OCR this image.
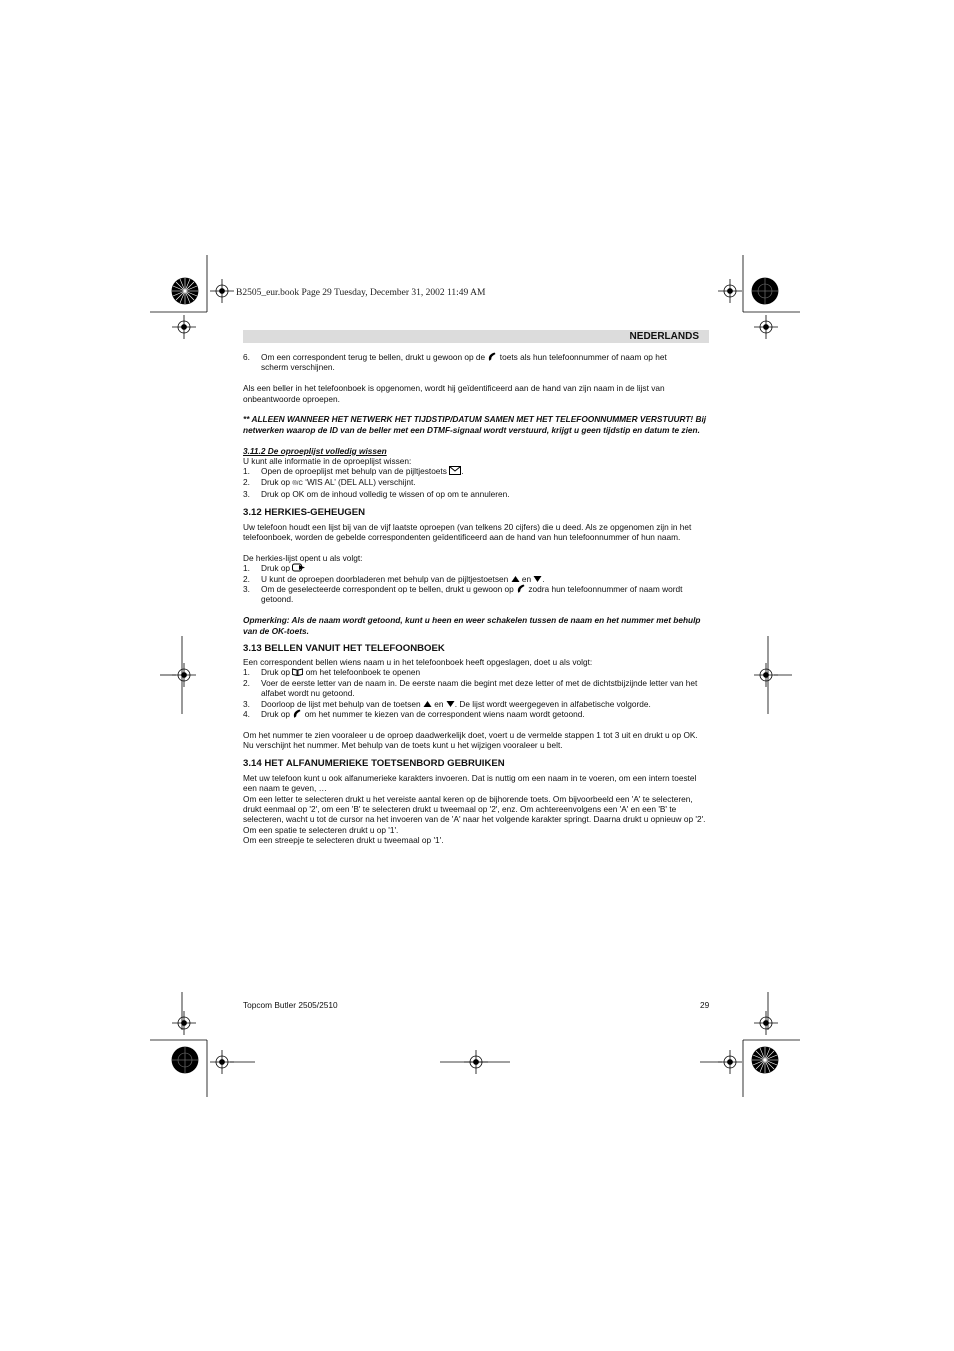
B2505_eur.book Page 29 Tuesday, December 31, 2002 11:49 AM
NEDERLANDS
6. Om een correspondent terug te bellen, drukt u gewoon op de toets als hun telefoonnummer of naam op het
scherm verschijnen.

Als een beller in het telefoonboek is opgenomen, wordt hij geïdentificeerd aan de hand van zijn naam in de lijst van onbeantwoorde oproepen.

** ALLEEN WANNEER HET NETWERK HET TIJDSTIP/DATUM SAMEN MET HET TELEFOONNUMMER VERSTUURT! Bij netwerken waarop de ID van de beller met een DTMF-signaal wordt verstuurd, krijgt u geen tijdstip en datum te zien.

3.11.2 De oproeplijst volledig wissen

U kunt alle informatie in de oproeplijst wissen:

1. Open de oproeplijst met behulp van de pijltjestoets .
2. Druk op ®/C ‘WIS AL’ (DEL ALL) verschijnt.
3. Druk op OK om de inhoud volledig te wissen of op om te annuleren.
3.12 HERKIES-GEHEUGEN

Uw telefoon houdt een lijst bij van de vijf laatste oproepen (van telkens 20 cijfers) die u deed. Als ze opgenomen zijn in het telefoonboek, worden de gebelde correspondenten geïdentificeerd aan de hand van hun telefoonnummer of hun naam.

De herkies-lijst opent u als volgt:

1. Druk op
2. U kunt de oproepen doorbladeren met behulp van de pijltjestoetsen en .
3. Om de geselecteerde correspondent op te bellen, drukt u gewoon op zodra hun telefoonnummer of naam wordt
getoond.

Opmerking: Als de naam wordt getoond, kunt u heen en weer schakelen tussen de naam en het nummer met behulp van de OK-toets.

3.13 BELLEN VANUIT HET TELEFOONBOEK

Een correspondent bellen wiens naam u in het telefoonboek heeft opgeslagen, doet u als volgt:

1. Druk op om het telefoonboek te openen
2. Voer de eerste letter van de naam in. De eerste naam die begint met deze letter of met de dichtstbijzijnde letter van het alfabet wordt nu getoond.
3. Doorloop de lijst met behulp van de toetsen en . De lijst wordt weergegeven in alfabetische volgorde.
4. Druk op om het nummer te kiezen van de correspondent wiens naam wordt getoond.

Om het nummer te zien vooraleer u de oproep daadwerkelijk doet, voert u de vermelde stappen 1 tot 3 uit en drukt u op OK. Nu verschijnt het nummer. Met behulp van de toets kunt u het wijzigen vooraleer u belt.

3.14 HET ALFANUMERIEKE TOETSENBORD GEBRUIKEN

Met uw telefoon kunt u ook alfanumerieke karakters invoeren. Dat is nuttig om een naam in te voeren, om een intern toestel een naam te geven, …

Om een letter te selecteren drukt u het vereiste aantal keren op de bijhorende toets. Om bijvoorbeeld een 'A' te selecteren, drukt eenmaal op '2', om een 'B' te selecteren drukt u tweemaal op '2', enz. Om achtereenvolgens een 'A' en een 'B' te selecteren, wacht u tot de cursor na het invoeren van de 'A' naar het volgende karakter springt. Daarna drukt u opnieuw op '2'.

Om een spatie te selecteren drukt u op '1'.

Om een streepje te selecteren drukt u tweemaal op '1'.

Topcom Butler 2505/2510	29
